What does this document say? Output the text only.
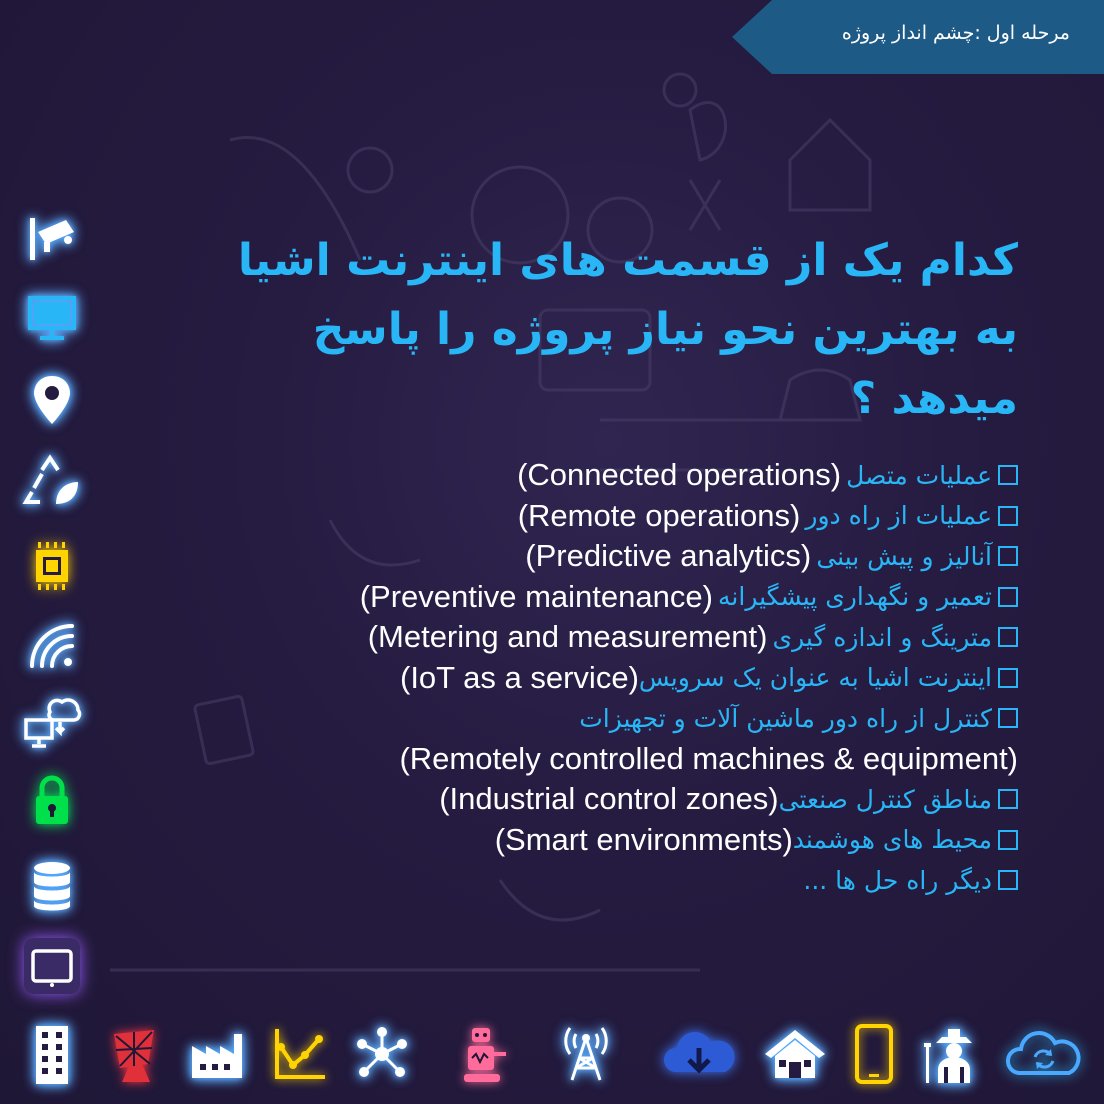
مرحله اول :چشم انداز پروژه
کدام یک از قسمت های اینترنت اشیا
به بهترین نحو نیاز پروژه را پاسخ
میدهد ؟
عملیات متصل

(Connected operations)
عملیات از راه دور

(Remote operations)
آنالیز و پیش بینی

(Predictive analytics)
تعمیر و نگهداری پیشگیرانه

(Preventive maintenance)
مترینگ و اندازه گیری

(Metering and measurement)
اینترنت اشیا به عنوان یک سرویس
(IoT as a service)
کنترل از راه دور ماشین آلات و تجهیزات
(Remotely controlled machines & equipment)
مناطق کنترل صنعتی
(Industrial control zones)
محیط های هوشمند
(Smart environments)
دیگر راه حل ها ...
